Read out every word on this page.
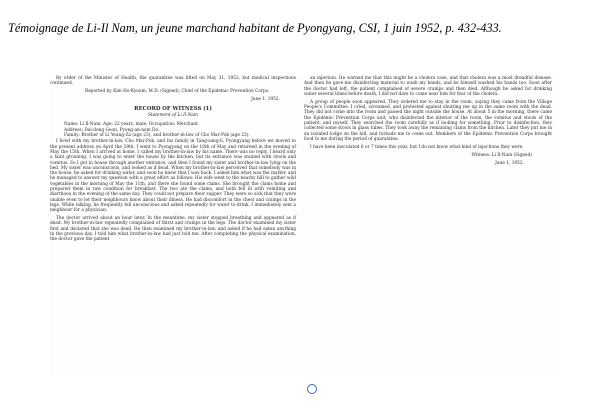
Témoignage de Li-Il Nam, un jeune marchand habitant de Pyongyang, CSI, 1 juin 1952, p. 432-433.

By order of the Minister of Health, the quarantine was lifted on May 31, 1952, but medical inspections continued.

Reported by Kim Ho-Kyoum, M.D. (Signed), Chief of the Epidemic Prevention Corps.

June 1, 1952.

RECORD OF WITNESS (1)

Statement of Li Il-Nam

Name: Li Il-Nam. Age: 22 years, male, Occupation: Merchant.

Address: Dai-dong Goon, Pyong-an-nam Do.

Family: Brother of Li Yeung-Za (age 23), and brother-in-law of Cho Mar-Pok (age 23).

I lived with my brother-in-law, Cho Mar-Pok, and his family in Tang-sang-li, Pyongyang before we moved to the present address on April the 29th. I went to Pyongyang on the 10th of May and returned in the evening of May the 15th. When I arrived at home, I called my brother-in-law by his name. There was no reply. I heard only a faint groaning. I was going to enter the house by the kitchen, but its entrance was stained with stools and vomitus. So I got in house through another entrance, and then I found my sister and brother-in-law lying on the bed. My sister was unconscious, and looked as if dead. When my brother-in-law perceived that somebody was in the house, he asked for drinking water, and soon he knew that I was back. I asked him what was the matter, and he managed to answer my question with a great effort as follows: His wife went to the nearby hill to gather wild vegetables in the morning of May the 11th, and there she found some clams. She brought the clams home and prepared them in raw condition for breakfast. The two ate the clams, and both fell ill with vomiting and diarrhoea in the evening of the same day. They could not prepare their supper. They were so sick that they were unable even to let their neighbours know about their illness. He had discomfort in the chest and cramps in the legs. While talking, he frequently fell unconscious and asked repeatedly for water to drink. I immediately sent a neighbour for a physician.

The doctor arrived about an hour later. In the meantime, my sister stopped breathing and appeared as if dead. My brother-in-law repeatedly complained of thirst and cramps in the legs. The doctor examined my sister first and declared that she was dead. He then examined my brother-in-law, and asked if he had eaten anything in the previous day. I told him what brother-in-law had just told me. After completing the physical examination, the doctor gave the patient

an injection. He warned me that this might be a cholera case, and that cholera was a most dreadful disease. And then he gave me disinfecting material to wash my hands, and he himself washed his hands too. Soon after the doctor had left, the patient complained of severe cramps and then died. Although he asked for drinking water several times before death, I did not dare to come near him for fear of the cholera.

A group of people soon appeared. They ordered me to stay in the room, saying they came from the Village People's Committee. I cried, screamed, and protested against shutting me up in the same room with the dead. They did not come into the room and passed the night outside the house. At about 5 in the morning, there came the Epidemic Prevention Corps unit, who disinfected the interior of the room, the vomitus and stools of the patient, and myself. They searched the room carefully as if looking for something. Prior to disinfection, they collected some stools in glass tubes. They took away the remaining clams from the kitchen. Later they put me in an isolated lodge on the hill, and forbade me to come out. Members of the Epidemic Prevention Corps brought food to me during the period of quarantine.

I have been inoculated 6 or 7 times this year, but I do not know what kind of injections they were.

Witness: Li Il-Nam (Signed)

June 1, 1952.
